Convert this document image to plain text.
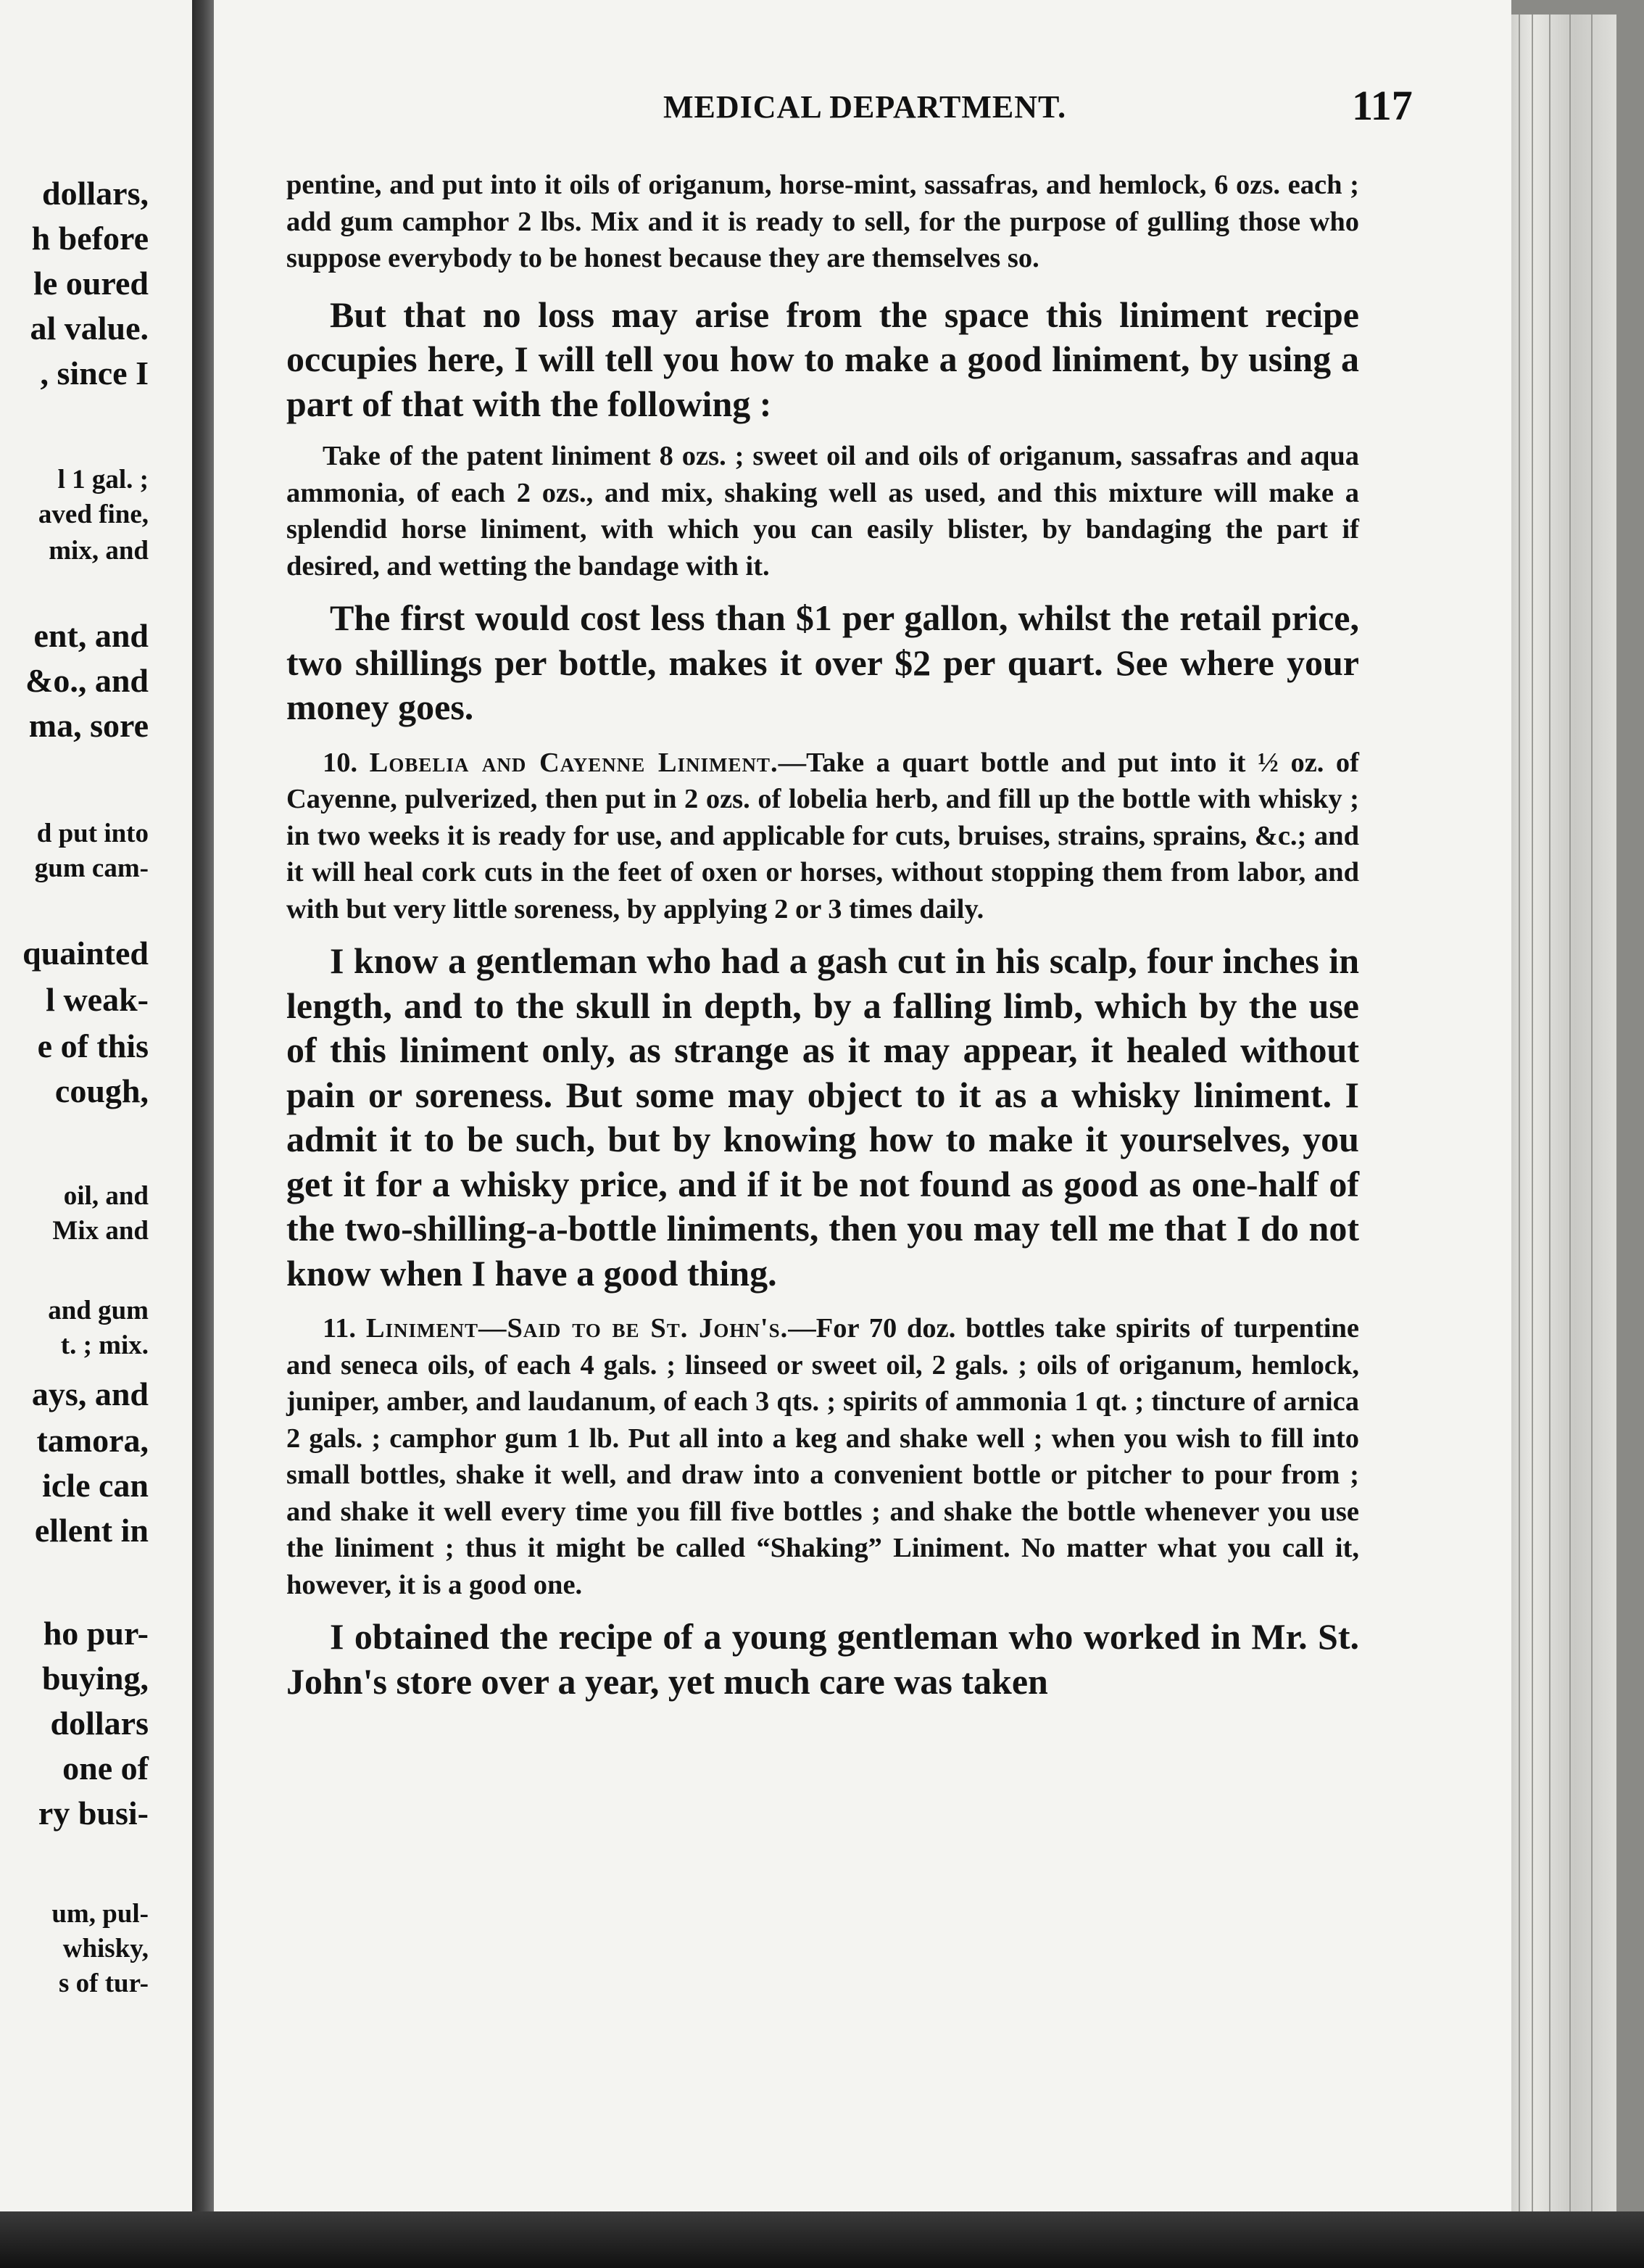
dollars,
h before
le oured
al value.
, since I
l 1 gal. ;
aved fine,
mix, and
ent, and
&o., and
ma, sore
d put into
gum cam-
quainted
l weak-
e of this
cough,
oil, and
Mix and
and gum
t. ; mix.
ays, and
tamora,
icle can
ellent in
ho pur-
buying,
dollars
one of
ry busi-
um, pul-
whisky,
s of tur-
MEDICAL DEPARTMENT.	117

pentine, and put into it oils of origanum, horse-mint, sassafras, and hemlock, 6 ozs. each ; add gum camphor 2 lbs. Mix and it is ready to sell, for the purpose of gulling those who suppose everybody to be honest because they are themselves so.

But that no loss may arise from the space this liniment recipe occupies here, I will tell you how to make a good liniment, by using a part of that with the following :

Take of the patent liniment 8 ozs. ; sweet oil and oils of origanum, sassafras and aqua ammonia, of each 2 ozs., and mix, shaking well as used, and this mixture will make a splendid horse liniment, with which you can easily blister, by bandaging the part if desired, and wetting the bandage with it.

The first would cost less than $1 per gallon, whilst the retail price, two shillings per bottle, makes it over $2 per quart. See where your money goes.

10. Lobelia and Cayenne Liniment.—Take a quart bottle and put into it ½ oz. of Cayenne, pulverized, then put in 2 ozs. of lobelia herb, and fill up the bottle with whisky ; in two weeks it is ready for use, and applicable for cuts, bruises, strains, sprains, &c.; and it will heal cork cuts in the feet of oxen or horses, without stopping them from labor, and with but very little soreness, by applying 2 or 3 times daily.

I know a gentleman who had a gash cut in his scalp, four inches in length, and to the skull in depth, by a falling limb, which by the use of this liniment only, as strange as it may appear, it healed without pain or soreness. But some may object to it as a whisky liniment. I admit it to be such, but by knowing how to make it yourselves, you get it for a whisky price, and if it be not found as good as one-half of the two-shilling-a-bottle liniments, then you may tell me that I do not know when I have a good thing.

11. Liniment—Said to be St. John's.—For 70 doz. bottles take spirits of turpentine and seneca oils, of each 4 gals. ; linseed or sweet oil, 2 gals. ; oils of origanum, hemlock, juniper, amber, and laudanum, of each 3 qts. ; spirits of ammonia 1 qt. ; tincture of arnica 2 gals. ; camphor gum 1 lb. Put all into a keg and shake well ; when you wish to fill into small bottles, shake it well, and draw into a convenient bottle or pitcher to pour from ; and shake it well every time you fill five bottles ; and shake the bottle whenever you use the liniment ; thus it might be called “Shaking” Liniment. No matter what you call it, however, it is a good one.

I obtained the recipe of a young gentleman who worked in Mr. St. John's store over a year, yet much care was taken
